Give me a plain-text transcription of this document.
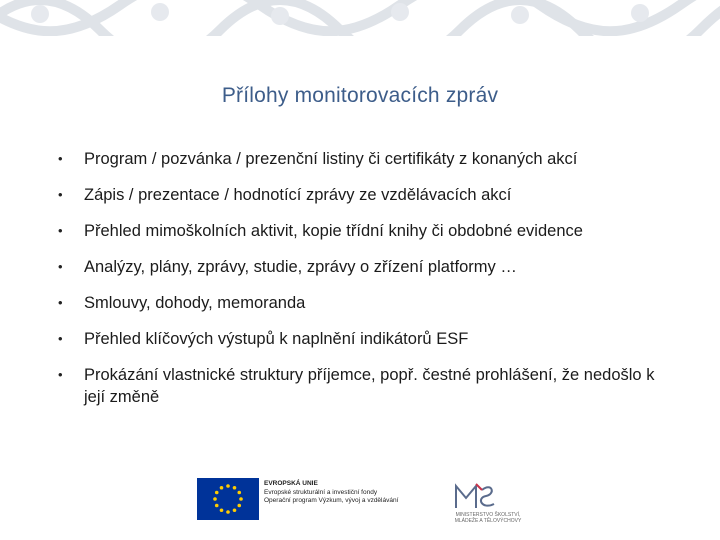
Přílohy monitorovacích zpráv
• Program / pozvánka / prezenční listiny či certifikáty z konaných akcí
• Zápis / prezentace / hodnotící zprávy ze vzdělávacích akcí
• Přehled mimoškolních aktivit, kopie třídní knihy či obdobné evidence
• Analýzy, plány, zprávy, studie, zprávy o zřízení platformy …
• Smlouvy, dohody, memoranda
• Přehled klíčových výstupů k naplnění indikátorů ESF
• Prokázání vlastnické struktury příjemce, popř. čestné prohlášení, že nedošlo k její změně
EVROPSKÁ UNIE
Evropské strukturální a investiční fondy
Operační program Výzkum, vývoj a vzdělávání
MINISTERSTVO ŠKOLSTVÍ,
MLÁDEŽE A TĚLOVÝCHOVY
